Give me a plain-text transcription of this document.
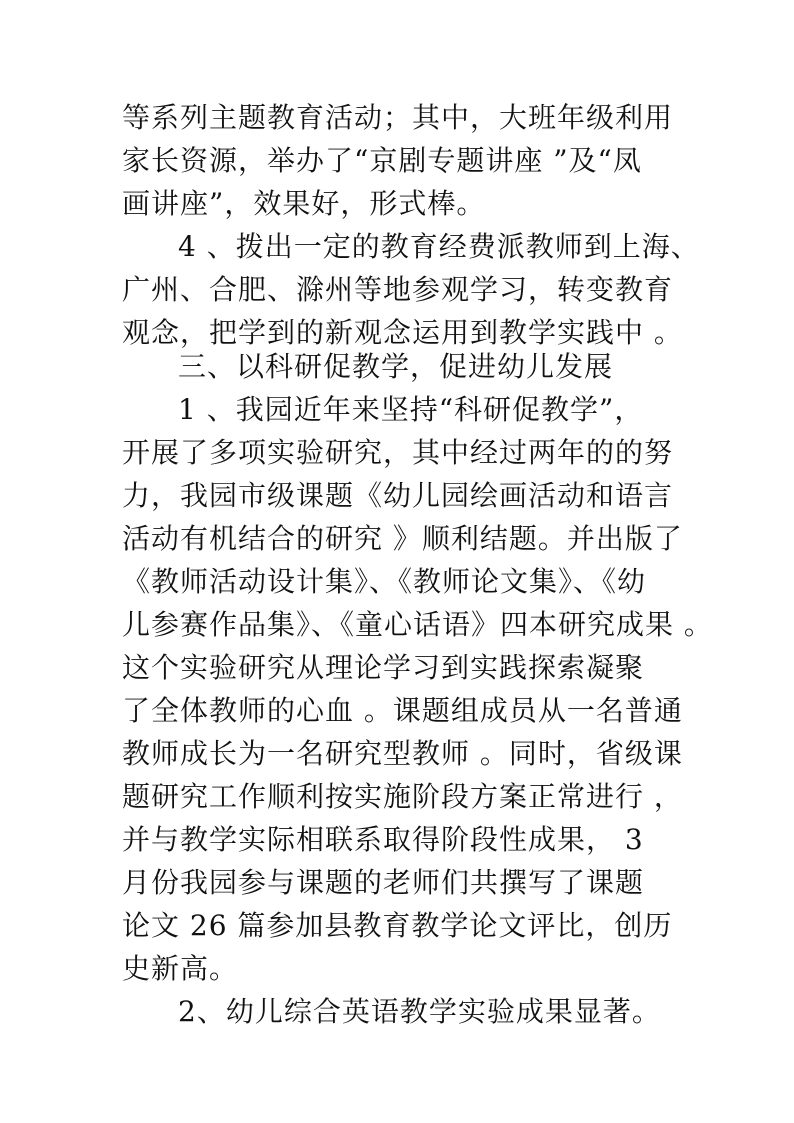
等系列主题教育活动；其中，大班年级利用
家长资源，举办了“京剧专题讲座 ”及“凤
画讲座”，效果好，形式棒。
4 、拨出一定的教育经费派教师到上海、
广州、合肥、滁州等地参观学习，转变教育
观念，把学到的新观念运用到教学实践中 。
三、以科研促教学，促进幼儿发展
1 、我园近年来坚持“科研促教学”，
开展了多项实验研究，其中经过两年的的努
力，我园市级课题《幼儿园绘画活动和语言
活动有机结合的研究 》顺利结题。并出版了
《教师活动设计集》、《教师论文集》、《幼
儿参赛作品集》、《童心话语》四本研究成果 。
这个实验研究从理论学习到实践探索凝聚
了全体教师的心血 。课题组成员从一名普通
教师成长为一名研究型教师 。同时，省级课
题研究工作顺利按实施阶段方案正常进行 ，
并与教学实际相联系取得阶段性成果， 3
月份我园参与课题的老师们共撰写了课题
论文 26 篇参加县教育教学论文评比，创历
史新高。
2、幼儿综合英语教学实验成果显著。
